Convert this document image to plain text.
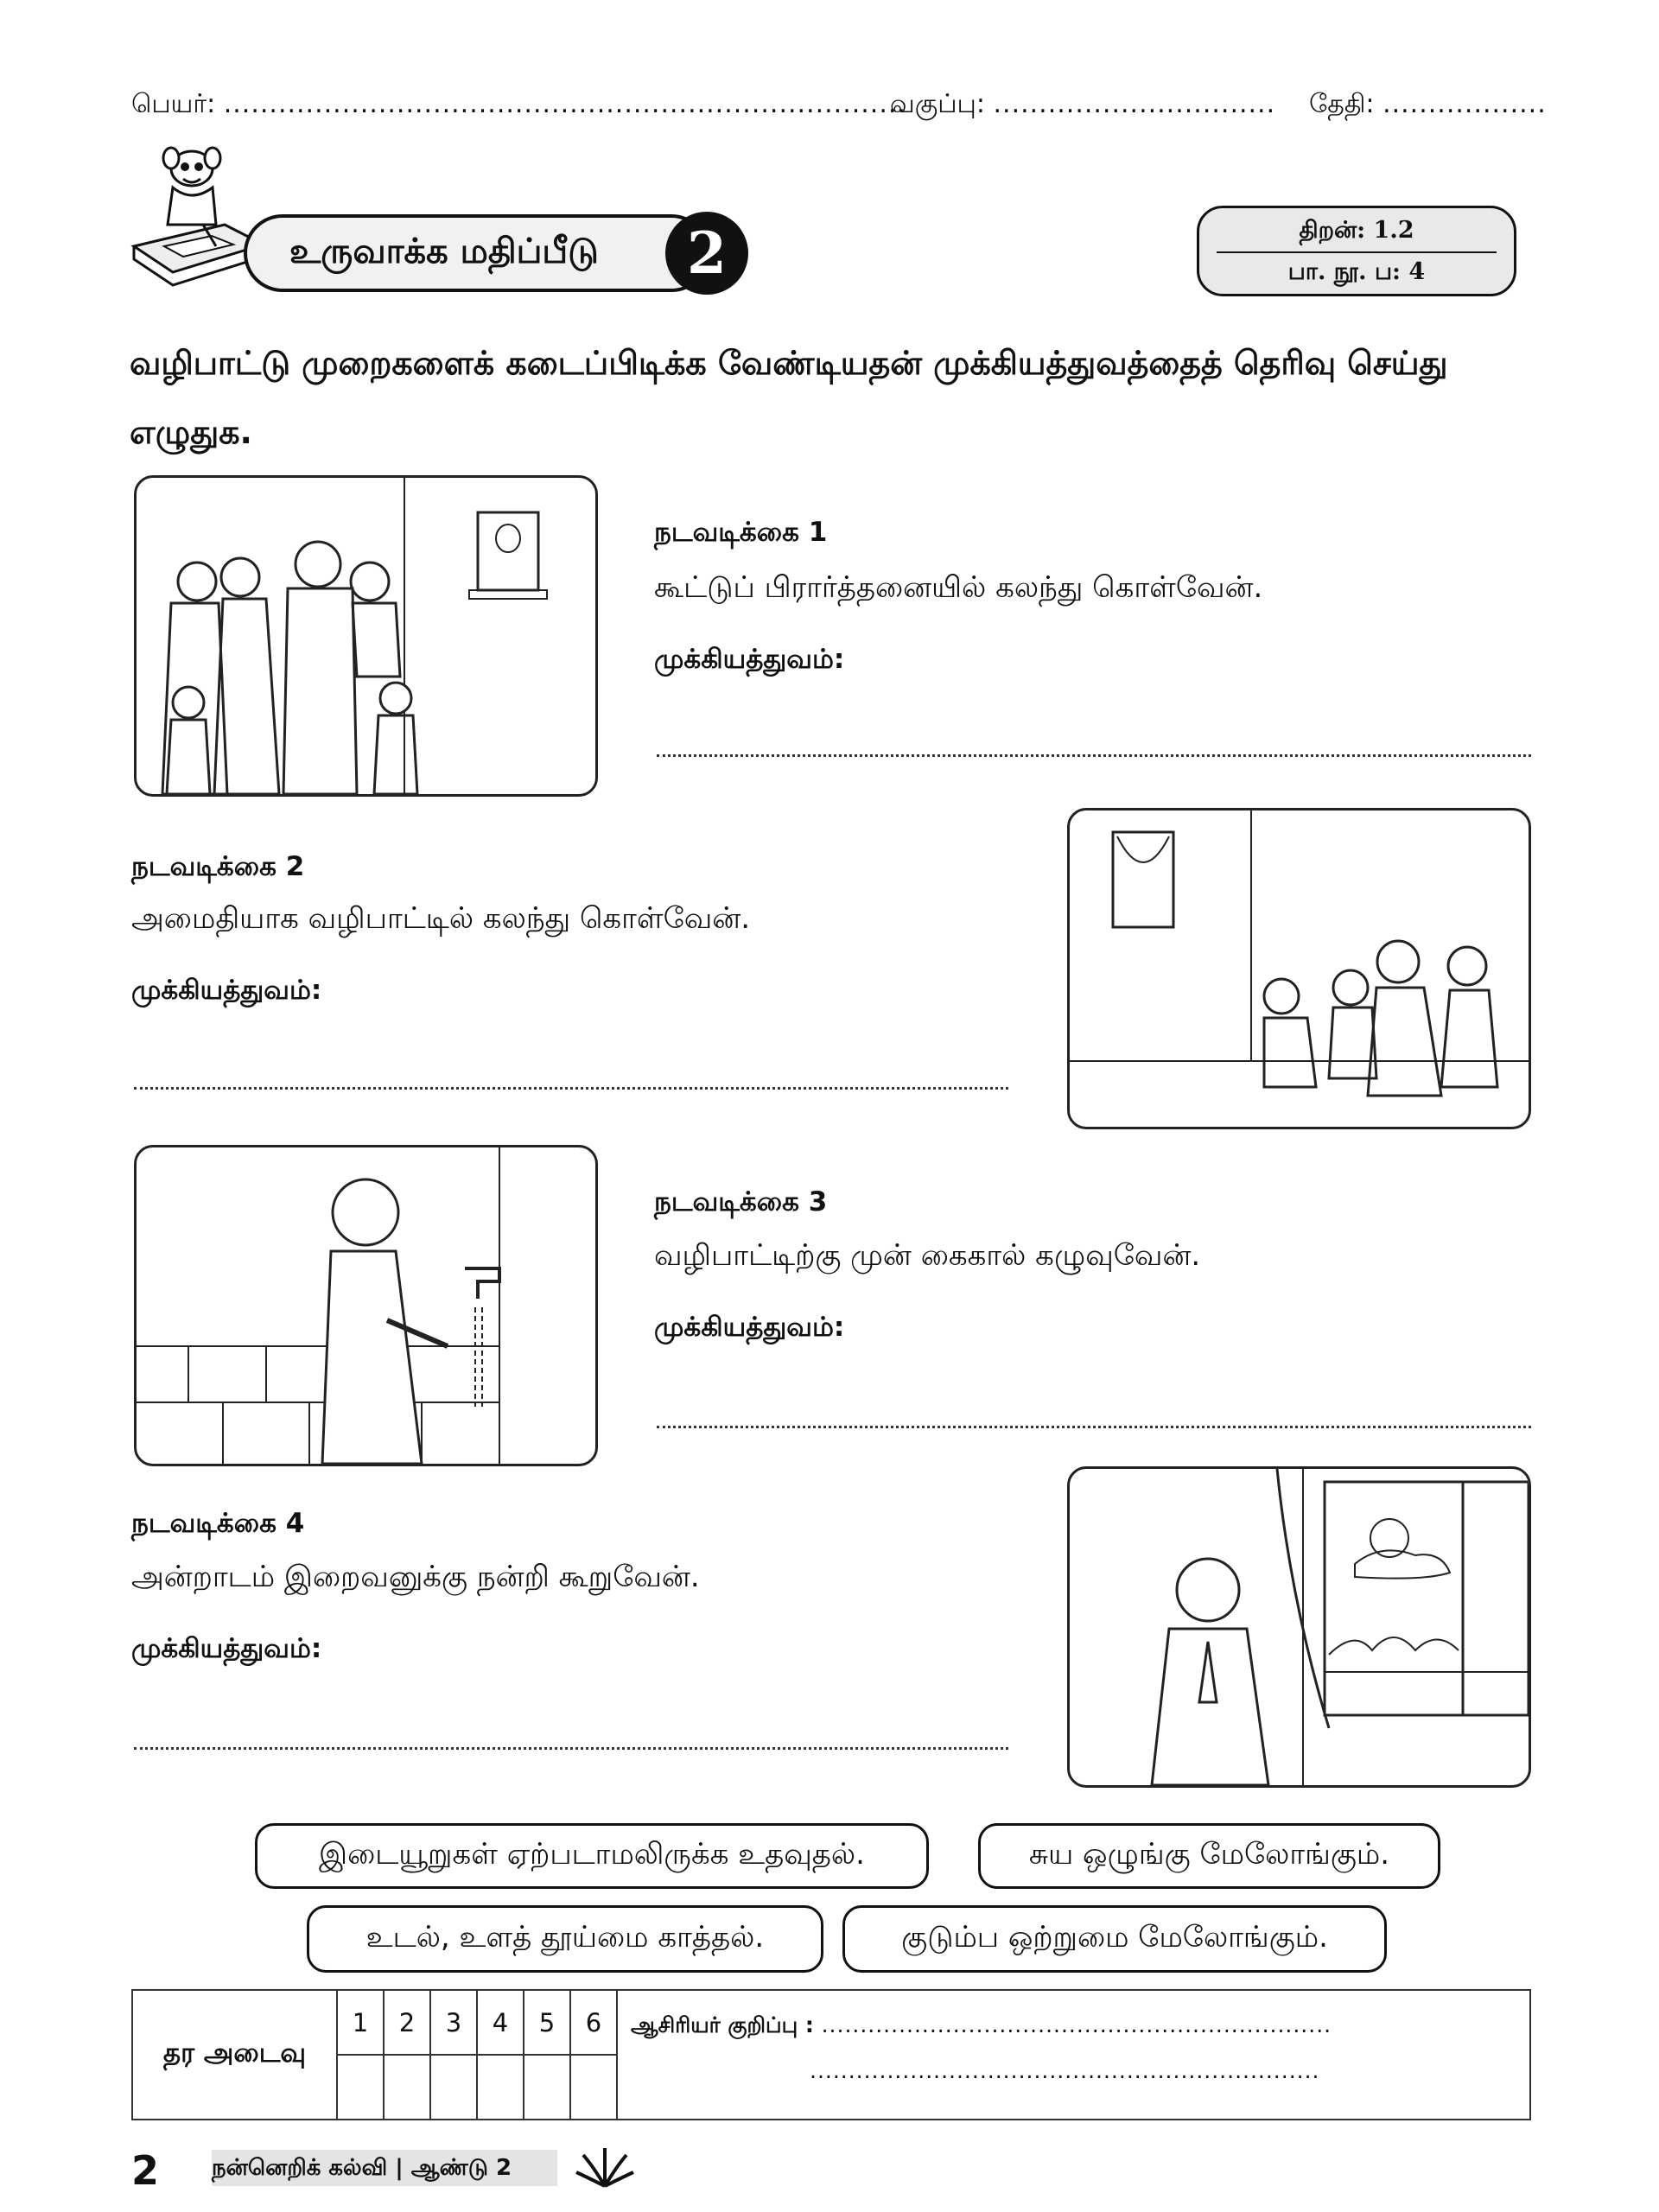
பெயர்: ...........................................................................
வகுப்பு: ............................... தேதி: ..................
உருவாக்க மதிப்பீடு	2	திறன்: 1.2
பா. நூ. ப: 4
வழிபாட்டு முறைகளைக் கடைப்பிடிக்க வேண்டியதன் முக்கியத்துவத்தைத் தெரிவு செய்து எழுதுக.
நடவடிக்கை 1
கூட்டுப் பிரார்த்தனையில் கலந்து கொள்வேன்.
முக்கியத்துவம்:
நடவடிக்கை 2
அமைதியாக வழிபாட்டில் கலந்து கொள்வேன்.
முக்கியத்துவம்:
நடவடிக்கை 3
வழிபாட்டிற்கு முன் கைகால் கழுவுவேன்.
முக்கியத்துவம்:
நடவடிக்கை 4
அன்றாடம் இறைவனுக்கு நன்றி கூறுவேன்.
முக்கியத்துவம்:
இடையூறுகள் ஏற்படாமலிருக்க உதவுதல்.	சுய ஒழுங்கு மேலோங்கும்.
உடல், உளத் தூய்மை காத்தல்.	குடும்ப ஒற்றுமை மேலோங்கும்.
தர அடைவு	1	2	3	4	5	6	ஆசிரியர் குறிப்பு : ..................................................................
..................................................................

2 நன்னெறிக் கல்வி | ஆண்டு 2
